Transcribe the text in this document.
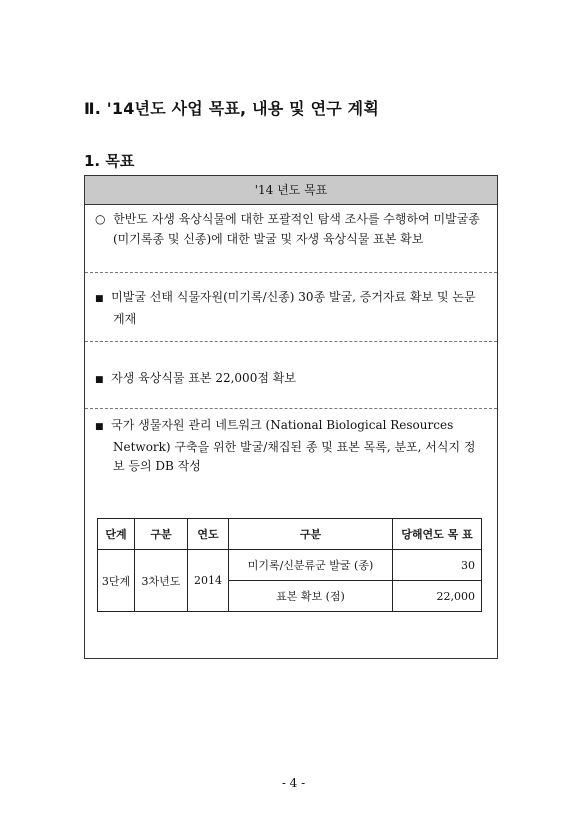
Ⅱ. '14년도 사업 목표, 내용 및 연구 계획
1. 목표
'14 년도 목표
○ 한반도 자생 육상식물에 대한 포괄적인 탐색 조사를 수행하여 미발굴종 (미기록종 및 신종)에 대한 발굴 및 자생 육상식물 표본 확보
■ 미발굴 선태 식물자원(미기록/신종) 30종 발굴, 증거자료 확보 및 논문 게재
■ 자생 육상식물 표본 22,000점 확보
■ 국가 생물자원 관리 네트워크 (National Biological Resources Network) 구축을 위한 발굴/채집된 종 및 표본 목록, 분포, 서식지 정보 등의 DB 작성
단계	구분	연도	구분	당해연도 목 표
3단계	3차년도	2014	미기록/신분류군 발굴 (종)	30
			표본 확보 (점)	22,000
- 4 -
